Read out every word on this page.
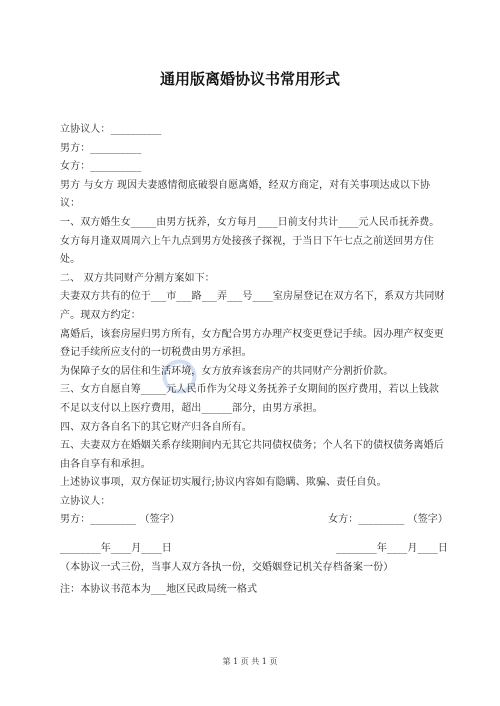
通用版离婚协议书常用形式

立协议人：__________

男方：__________

女方：__________

男方 与女方 现因夫妻感情彻底破裂自愿离婚，经双方商定，对有关事项达成以下协议：

一、双方婚生女_____由男方抚养，女方每月____日前支付共计____元人民币抚养费。女方每月逢双周周六上午九点到男方处接孩子探视，于当日下午七点之前送回男方住处。

二、 双方共同财产分割方案如下：

夫妻双方共有的位于___市___路___弄___号____室房屋登记在双方名下，系双方共同财产。现双方约定：

离婚后，该套房屋归男方所有，女方配合男方办理产权变更登记手续。因办理产权变更登记手续所应支付的一切税费由男方承担。

为保障子女的居住和生活环境，女方放弃该套房产的共同财产分割折价款。

三、女方自愿自筹_____元人民币作为父母义务抚养子女期间的医疗费用，若以上钱款不足以支付以上医疗费用，超出______部分，由男方承担。

四、双方各自名下的其它财产归各自所有。

五、夫妻双方在婚姻关系存续期间内无其它共同债权债务；个人名下的债权债务离婚后由各自享有和承担。

上述协议事项，双方保证切实履行;协议内容如有隐瞒、欺骗、责任自负。

立协议人：

男方：_________ （签字）	女方：_________ （签字）
________年____月____日	________年____月____日

（本协议一式三份，当事人双方各执一份，交婚姻登记机关存档备案一份）

注：本协议书范本为___地区民政局统一格式

第 1 页 共 1 页
